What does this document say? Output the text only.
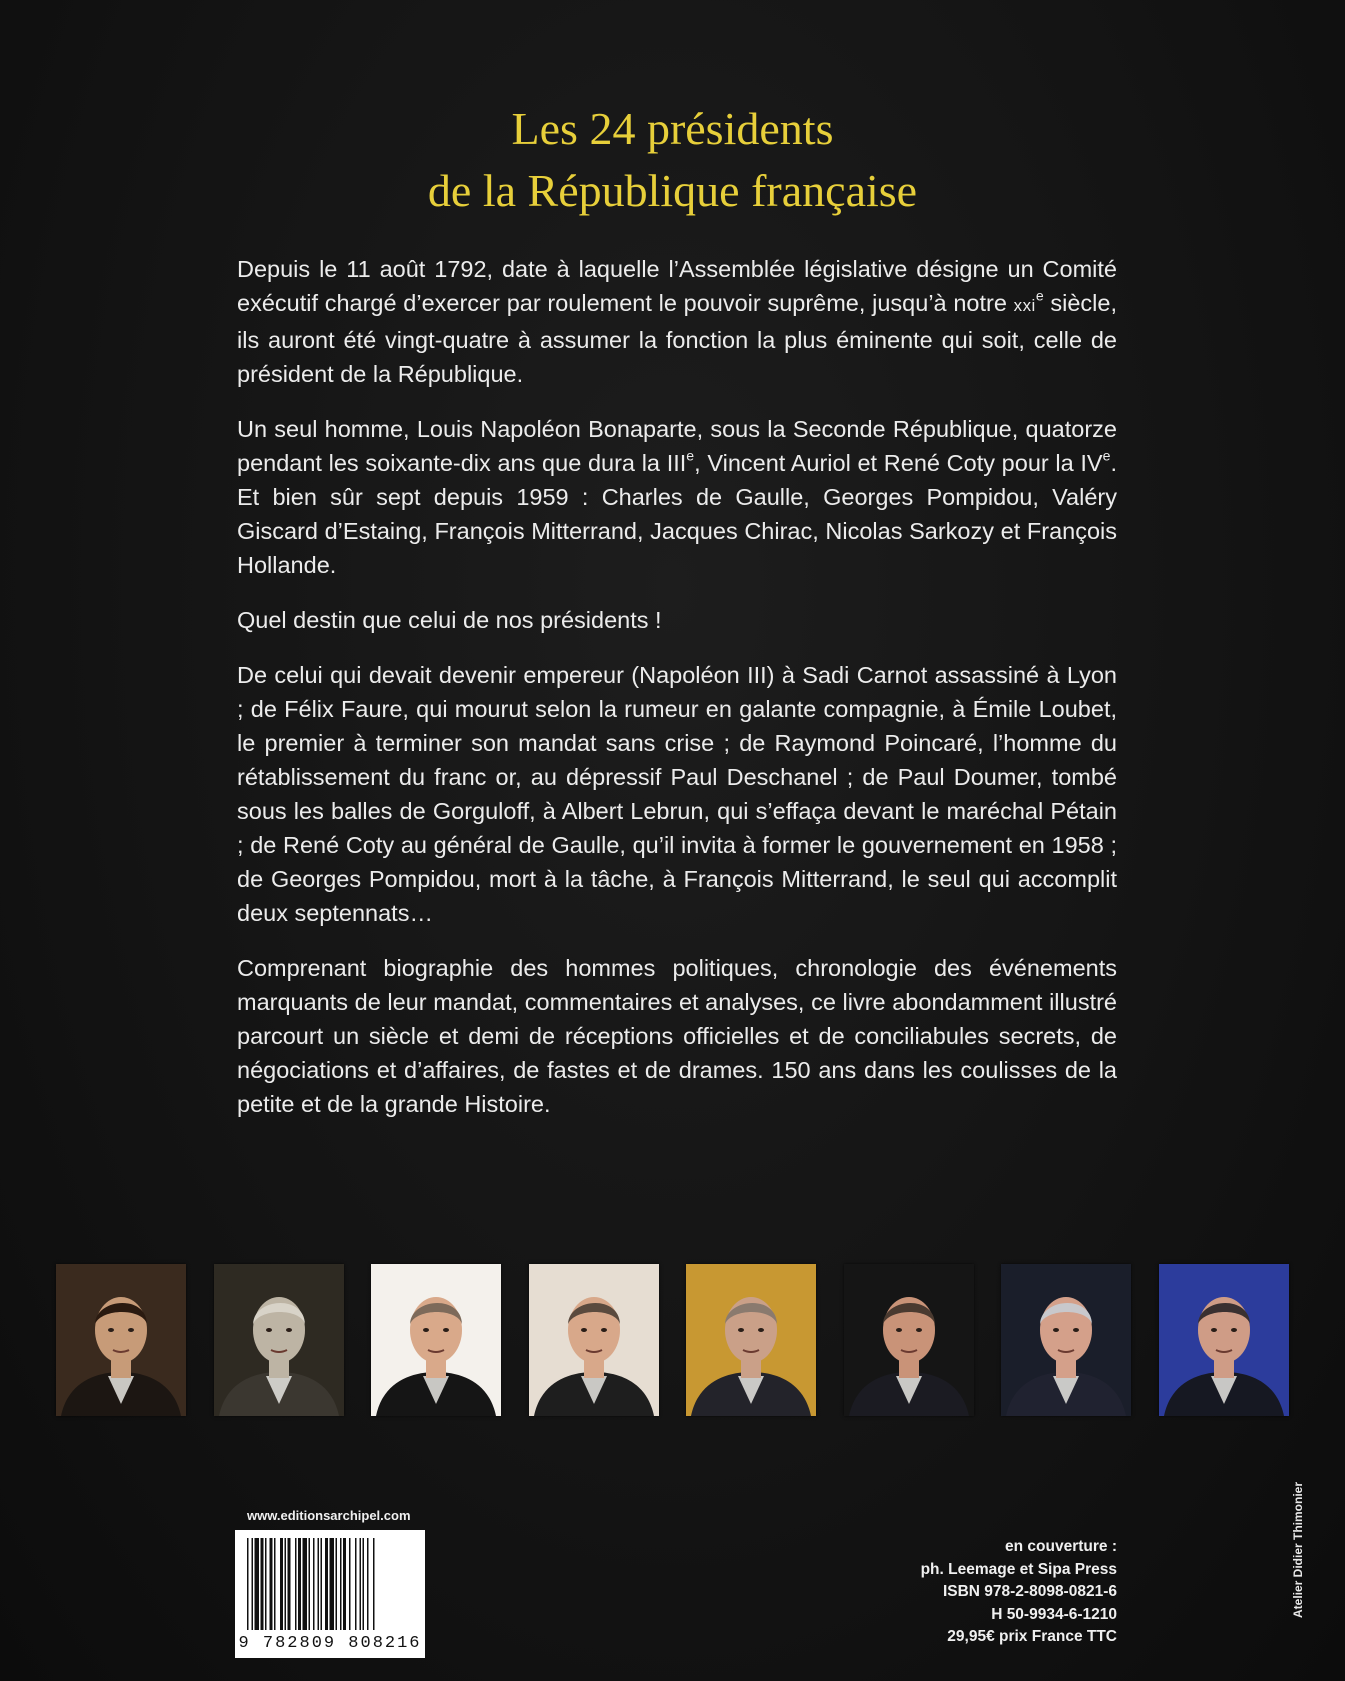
Les 24 présidents
de la République française

Depuis le 11 août 1792, date à laquelle l’Assemblée législative désigne un Comité exécutif chargé d’exercer par roulement le pouvoir suprême, jusqu’à notre xxi$^e$ siècle, ils auront été vingt-quatre à assumer la fonction la plus éminente qui soit, celle de président de la République.

Un seul homme, Louis Napoléon Bonaparte, sous la Seconde République, quatorze pendant les soixante-dix ans que dura la IIIe, Vincent Auriol et René Coty pour la IVe. Et bien sûr sept depuis 1959 : Charles de Gaulle, Georges Pompidou, Valéry Giscard d’Estaing, François Mitterrand, Jacques Chirac, Nicolas Sarkozy et François Hollande.

Quel destin que celui de nos présidents !

De celui qui devait devenir empereur (Napoléon III) à Sadi Carnot assassiné à Lyon ; de Félix Faure, qui mourut selon la rumeur en galante compagnie, à Émile Loubet, le premier à terminer son mandat sans crise ; de Raymond Poincaré, l’homme du rétablissement du franc or, au dépressif Paul Deschanel ; de Paul Doumer, tombé sous les balles de Gorguloff, à Albert Lebrun, qui s’effaça devant le maréchal Pétain ; de René Coty au général de Gaulle, qu’il invita à former le gouvernement en 1958 ; de Georges Pompidou, mort à la tâche, à François Mitterrand, le seul qui accomplit deux septennats…

Comprenant biographie des hommes politiques, chronologie des événements marquants de leur mandat, commentaires et analyses, ce livre abondamment illustré parcourt un siècle et demi de réceptions officielles et de conciliabules secrets, de négociations et d’affaires, de fastes et de drames. 150 ans dans les coulisses de la petite et de la grande Histoire.

www.editionsarchipel.com
9 782809 808216
en couverture :
ph. Leemage et Sipa Press
ISBN 978-2-8098-0821-6
H 50-9934-6-1210
29,95€ prix France TTC
Atelier Didier Thimonier
